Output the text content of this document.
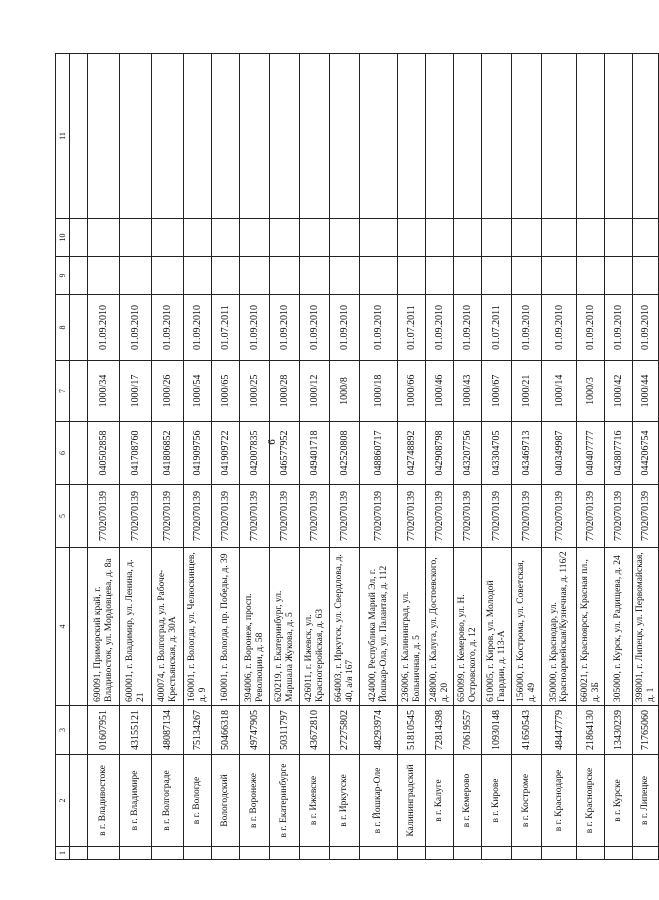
6
1	2	3	4	5	6	7	8	9	10	11

	в г. Владивостоке	01607951	690091, Приморский край, г. Владивосток, ул. Мордовцева, д. 8а	7702070139	040502858	1000/34	01.09.2010			
	в г. Владимире	43155121	600001, г. Владимир, ул. Ленина, д. 21	7702070139	041708760	1000/17	01.09.2010			
	в г. Волгограде	48087134	400074, г. Волгоград, ул. Рабоче-Крестьянская, д. 30А	7702070139	041806852	1000/26	01.09.2010			
	в г. Вологде	75134267	160001, г. Вологда, ул. Челюскинцев, д. 9	7702070139	041909756	1000/54	01.09.2010			
	Вологодский	50466318	160001, г. Вологда, пр. Победы, д. 39	7702070139	041909722	1000/65	01.07.2011			
	в г. Воронеже	49747905	394006, г. Воронеж, просп. Революции, д. 58	7702070139	042007835	1000/25	01.09.2010			
	в г. Екатеринбурге	50311797	620219, г. Екатеринбург, ул. Маршала Жукова, д. 5	7702070139	046577952	1000/28	01.09.2010			
	в г. Ижевске	43672810	426011, г. Ижевск, ул. Красногеройская, д. 63	7702070139	049401718	1000/12	01.09.2010			
	в г. Иркутске	27275802	664003, г. Иркутск, ул. Свердлова, д. 40, а/я 167	7702070139	042520808	1000/8	01.09.2010			
	в г. Йошкар-Оле	48293974	424000, Республика Марий Эл, г. Йошкар-Ола, ул. Палантая, д. 112	7702070139	048860717	1000/18	01.09.2010			
	Калининградский	51810545	236006, г. Калининград, ул. Больничная, д. 5	7702070139	042748892	1000/66	01.07.2011			
	в г. Калуге	72814398	248000, г. Калуга, ул. Достоевского, д. 20	7702070139	042908798	1000/46	01.09.2010			
	в г. Кемерово	70619557	650099, г. Кемерово, ул. Н. Островского, д. 12	7702070139	043207756	1000/43	01.09.2010			
	в г. Кирове	10930148	610005, г. Киров, ул. Молодой Гвардии, д. 113-А	7702070139	043304705	1000/67	01.07.2011			
	в г. Костроме	41650543	156000, г. Кострома, ул. Советская, д. 49	7702070139	043469713	1000/21	01.09.2010			
	в г. Краснодаре	48447779	350000, г. Краснодар, ул. Красноармейская/Кузнечная, д. 116/2	7702070139	040349987	1000/14	01.09.2010			
	в г. Красноярске	21864130	660021, г. Красноярск, Красная пл., д. 3Б	7702070139	040407777	1000/3	01.09.2010			
	в г. Курске	13430239	305000, г. Курск, ул. Радищева, д. 24	7702070139	043807716	1000/42	01.09.2010			
	в г. Липецке	71765060	398001, г. Липецк, ул. Первомайская, д. 1	7702070139	044206754	1000/44	01.09.2010			
